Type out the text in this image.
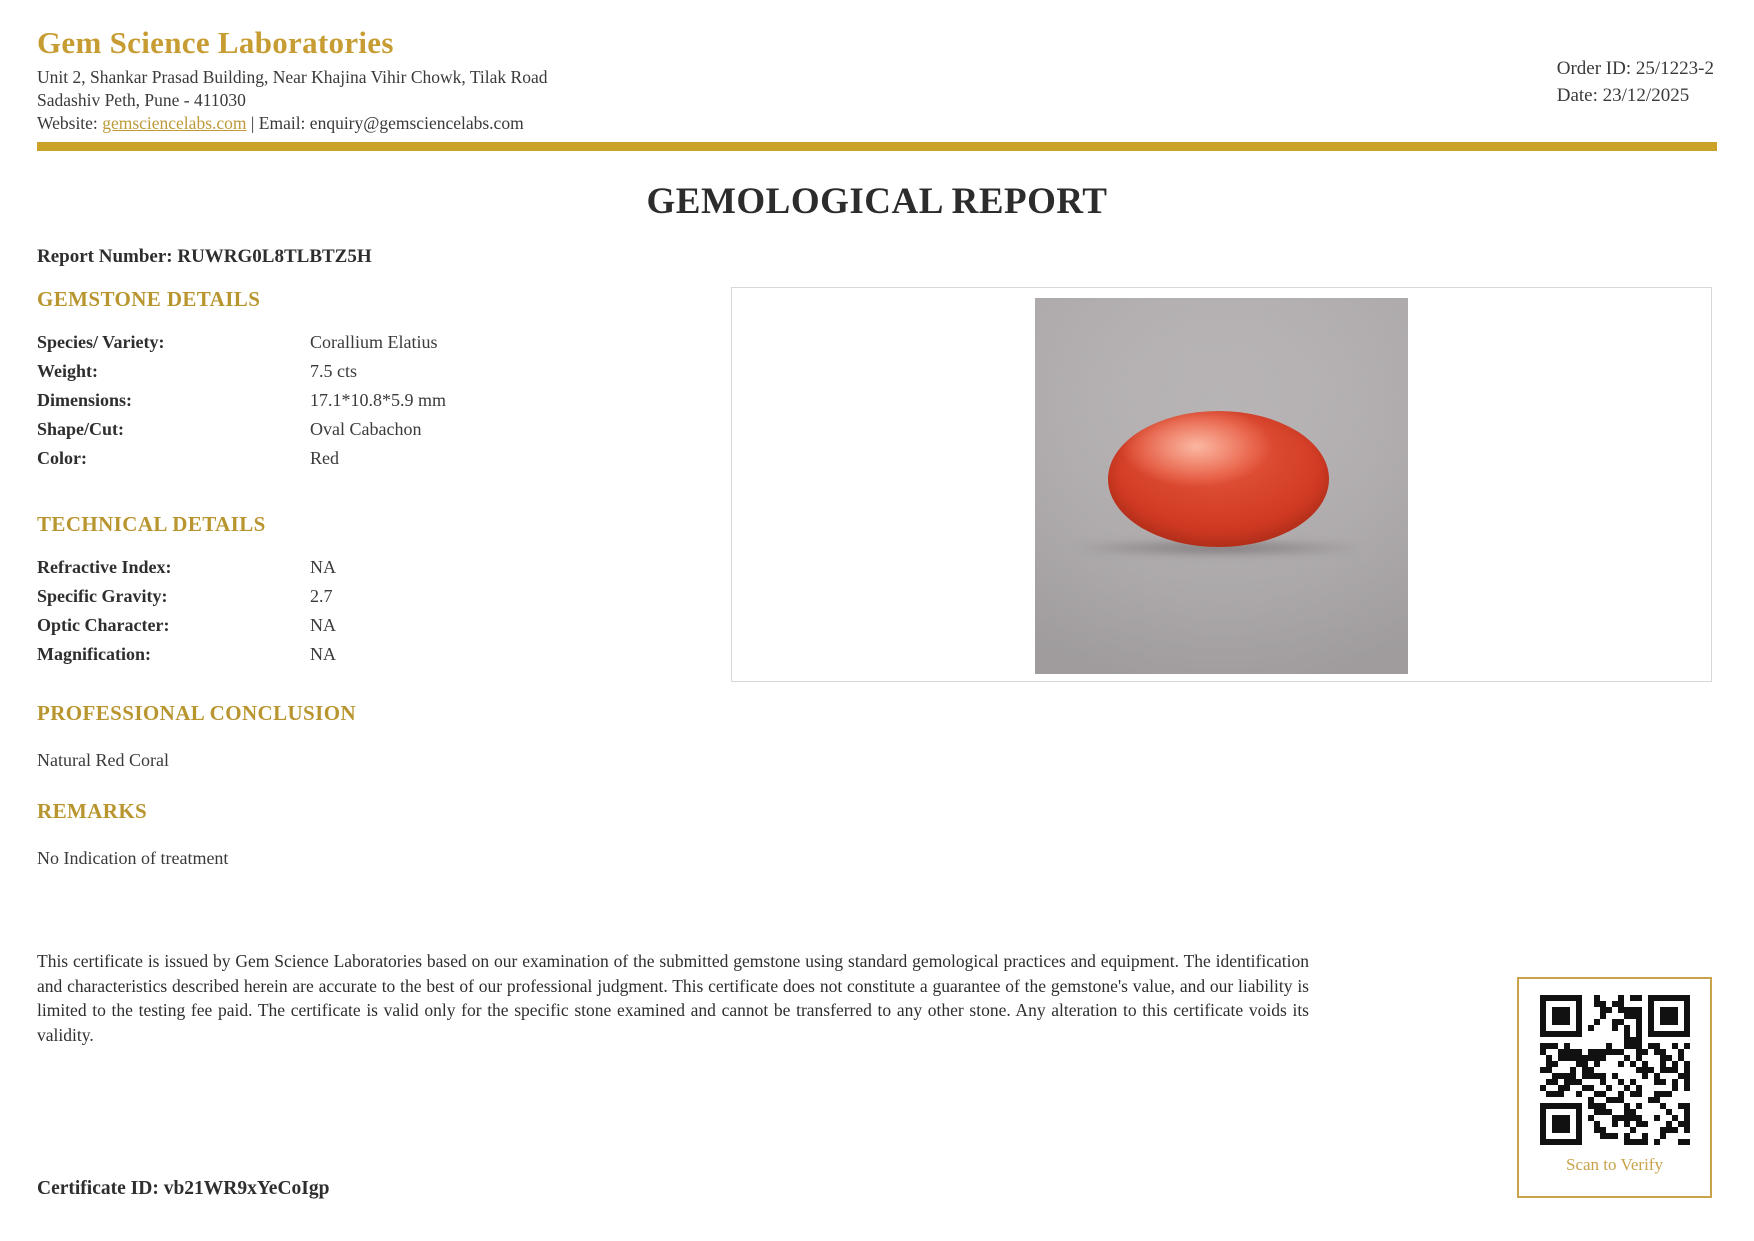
Gem Science Laboratories
Unit 2, Shankar Prasad Building, Near Khajina Vihir Chowk, Tilak Road
Sadashiv Peth, Pune - 411030
Website: gemsciencelabs.com | Email: enquiry@gemsciencelabs.com
Order ID: 25/1223-2
Date: 23/12/2025
GEMOLOGICAL REPORT
Report Number: RUWRG0L8TLBTZ5H
GEMSTONE DETAILS
Species/ Variety:	Corallium Elatius
Weight:	7.5 cts
Dimensions:	17.1*10.8*5.9 mm
Shape/Cut:	Oval Cabachon
Color:	Red
TECHNICAL DETAILS
Refractive Index:	NA
Specific Gravity:	2.7
Optic Character:	NA
Magnification:	NA
PROFESSIONAL CONCLUSION
Natural Red Coral
REMARKS
No Indication of treatment

This certificate is issued by Gem Science Laboratories based on our examination of the submitted gemstone using standard gemological practices and equipment. The identification and characteristics described herein are accurate to the best of our professional judgment. This certificate does not constitute a guarantee of the gemstone's value, and our liability is limited to the testing fee paid. The certificate is valid only for the specific stone examined and cannot be transferred to any other stone. Any alteration to this certificate voids its validity.

Scan to Verify
Certificate ID: vb21WR9xYeCoIgp
